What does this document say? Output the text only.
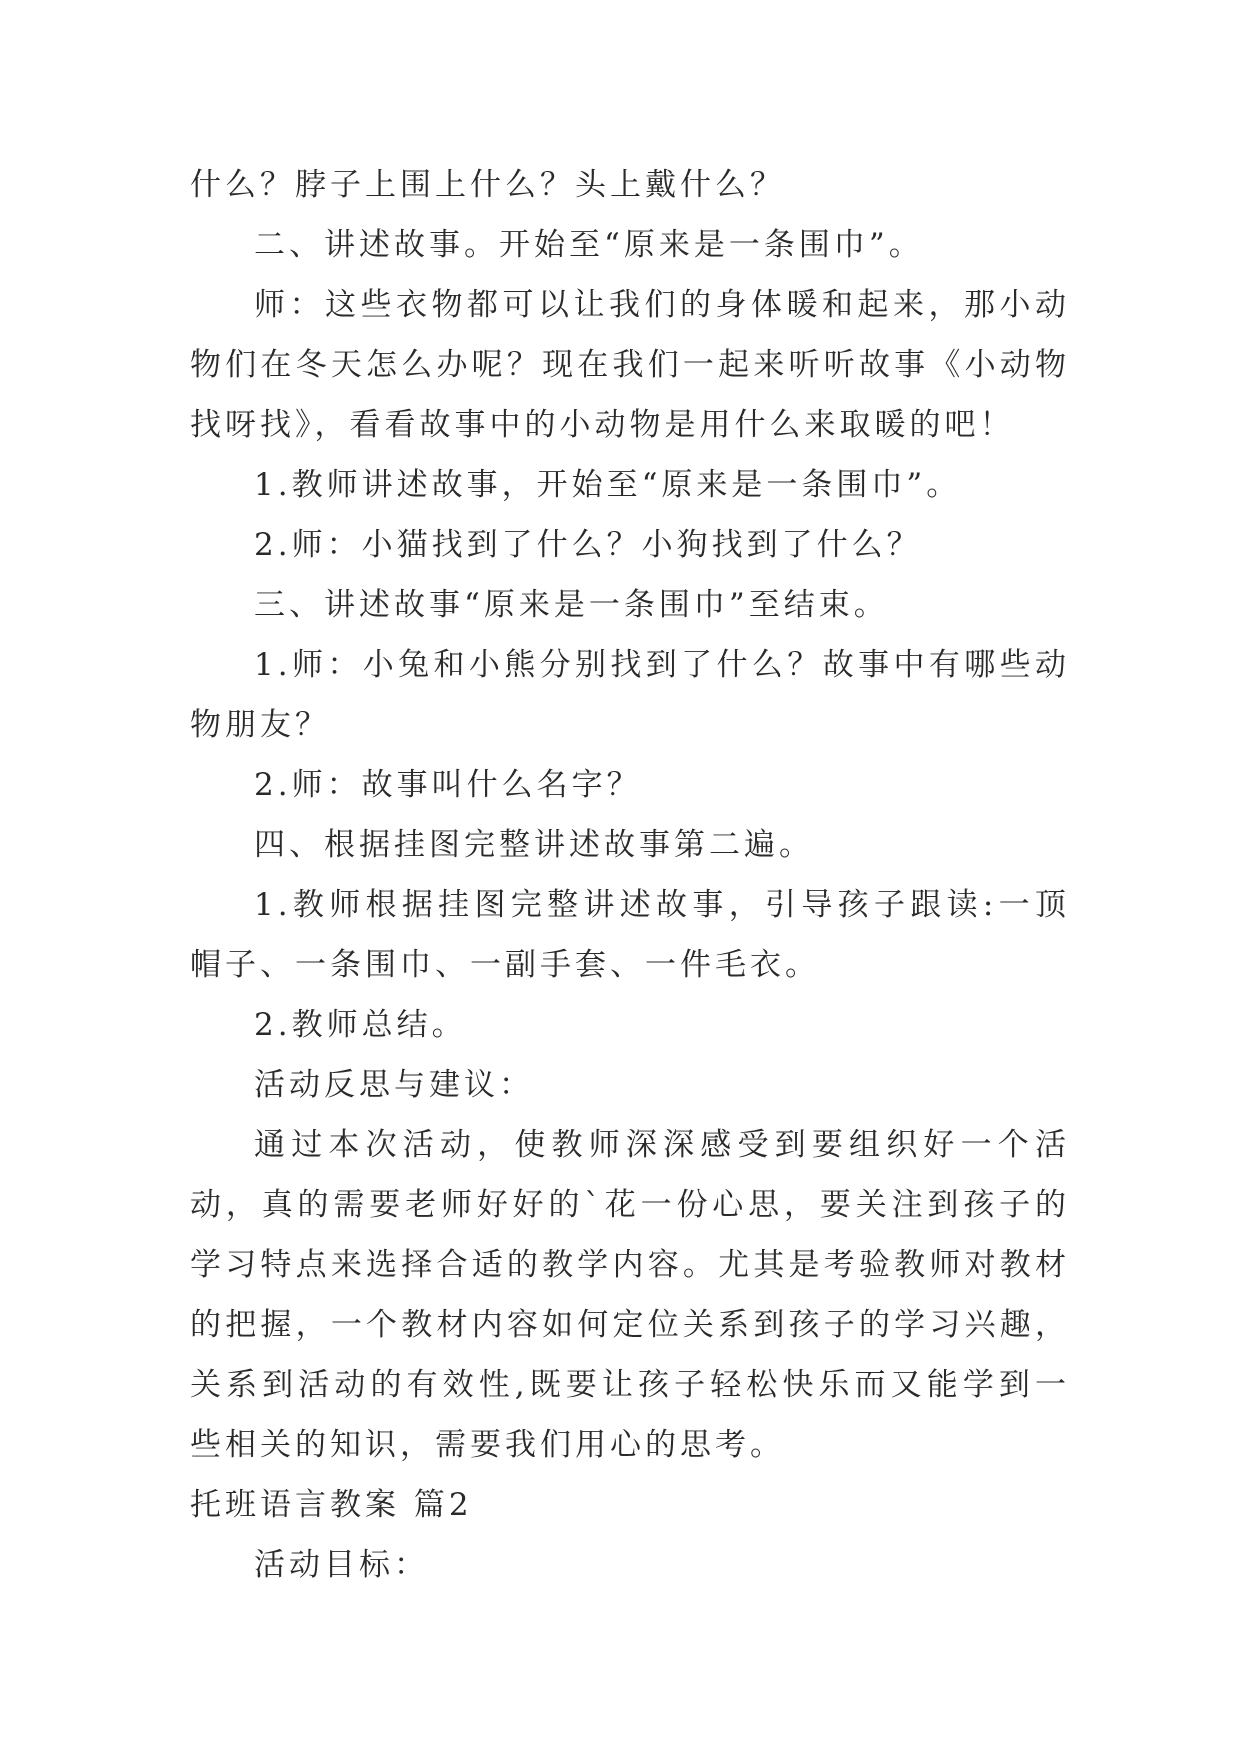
什么？脖子上围上什么？头上戴什么？

二、讲述故事。开始至“原来是一条围巾”。

师：这些衣物都可以让我们的身体暖和起来，那小动物们在冬天怎么办呢？现在我们一起来听听故事《小动物找呀找》，看看故事中的小动物是用什么来取暖的吧！

1.教师讲述故事，开始至“原来是一条围巾”。

2.师：小猫找到了什么？小狗找到了什么？

三、讲述故事“原来是一条围巾”至结束。

1.师：小兔和小熊分别找到了什么？故事中有哪些动物朋友？

2.师：故事叫什么名字？

四、根据挂图完整讲述故事第二遍。

1.教师根据挂图完整讲述故事，引导孩子跟读:一顶帽子、一条围巾、一副手套、一件毛衣。

2.教师总结。

活动反思与建议：

通过本次活动，使教师深深感受到要组织好一个活动，真的需要老师好好的`花一份心思，要关注到孩子的学习特点来选择合适的教学内容。尤其是考验教师对教材的把握，一个教材内容如何定位关系到孩子的学习兴趣，关系到活动的有效性,既要让孩子轻松快乐而又能学到一些相关的知识，需要我们用心的思考。

托班语言教案 篇2

活动目标：
